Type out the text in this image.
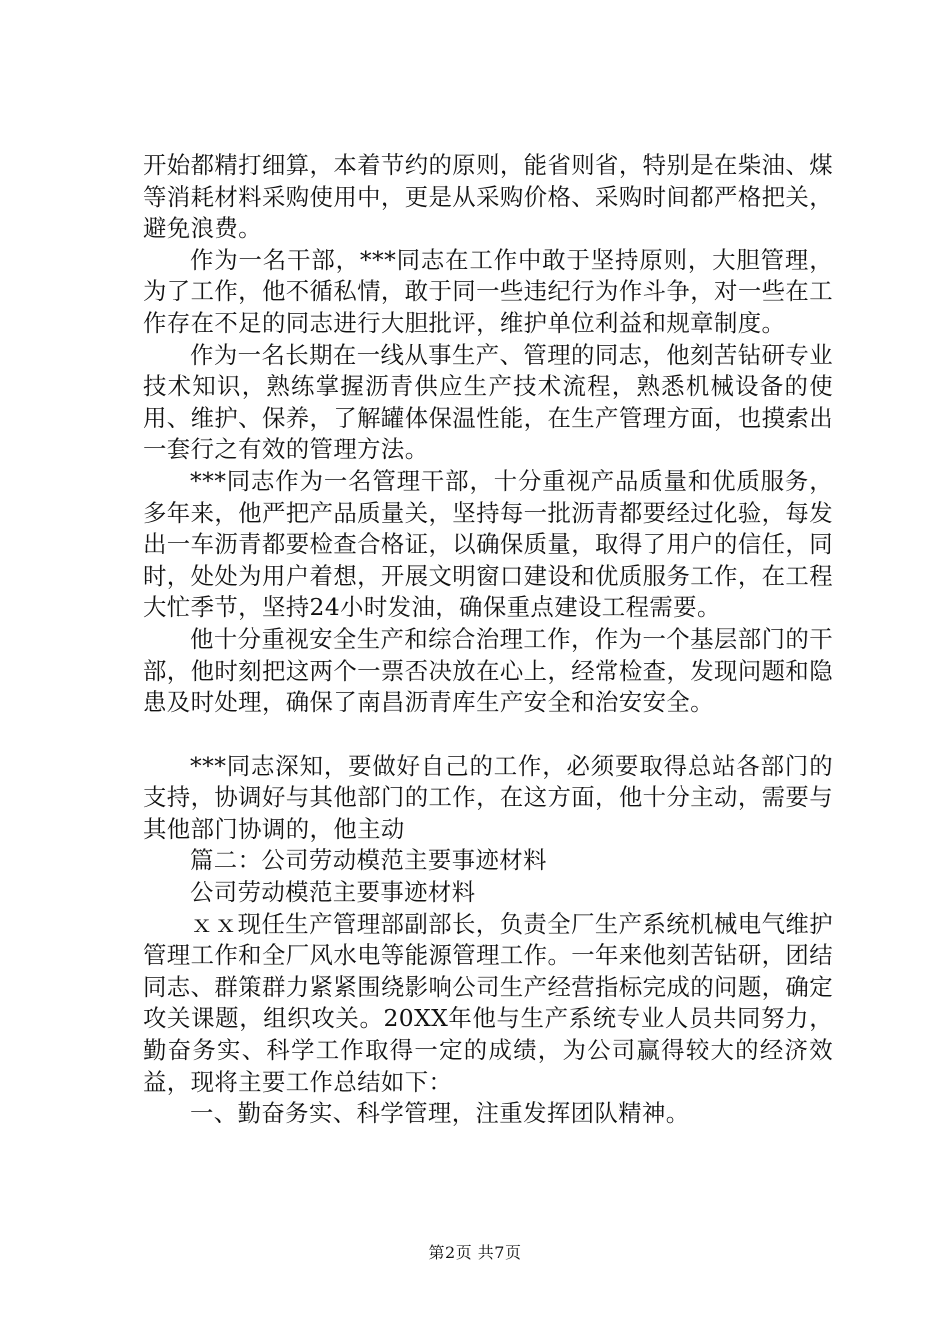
开始都精打细算，本着节约的原则，能省则省，特别是在柴油、煤等消耗材料采购使用中，更是从采购价格、采购时间都严格把关，避免浪费。

作为一名干部，***同志在工作中敢于坚持原则，大胆管理，为了工作，他不循私情，敢于同一些违纪行为作斗争，对一些在工作存在不足的同志进行大胆批评，维护单位利益和规章制度。

作为一名长期在一线从事生产、管理的同志，他刻苦钻研专业技术知识，熟练掌握沥青供应生产技术流程，熟悉机械设备的使用、维护、保养，了解罐体保温性能，在生产管理方面，也摸索出一套行之有效的管理方法。

***同志作为一名管理干部，十分重视产品质量和优质服务，多年来，他严把产品质量关，坚持每一批沥青都要经过化验，每发出一车沥青都要检查合格证，以确保质量，取得了用户的信任，同时，处处为用户着想，开展文明窗口建设和优质服务工作，在工程大忙季节，坚持24小时发油，确保重点建设工程需要。

他十分重视安全生产和综合治理工作，作为一个基层部门的干部，他时刻把这两个一票否决放在心上，经常检查，发现问题和隐患及时处理，确保了南昌沥青库生产安全和治安安全。

***同志深知，要做好自己的工作，必须要取得总站各部门的支持，协调好与其他部门的工作，在这方面，他十分主动，需要与其他部门协调的，他主动

篇二：公司劳动模范主要事迹材料

公司劳动模范主要事迹材料

ｘｘ现任生产管理部副部长，负责全厂生产系统机械电气维护管理工作和全厂风水电等能源管理工作。一年来他刻苦钻研，团结同志、群策群力紧紧围绕影响公司生产经营指标完成的问题，确定攻关课题，组织攻关。20XX年他与生产系统专业人员共同努力，勤奋务实、科学工作取得一定的成绩，为公司赢得较大的经济效益，现将主要工作总结如下：

一、勤奋务实、科学管理，注重发挥团队精神。

第2页 共7页
